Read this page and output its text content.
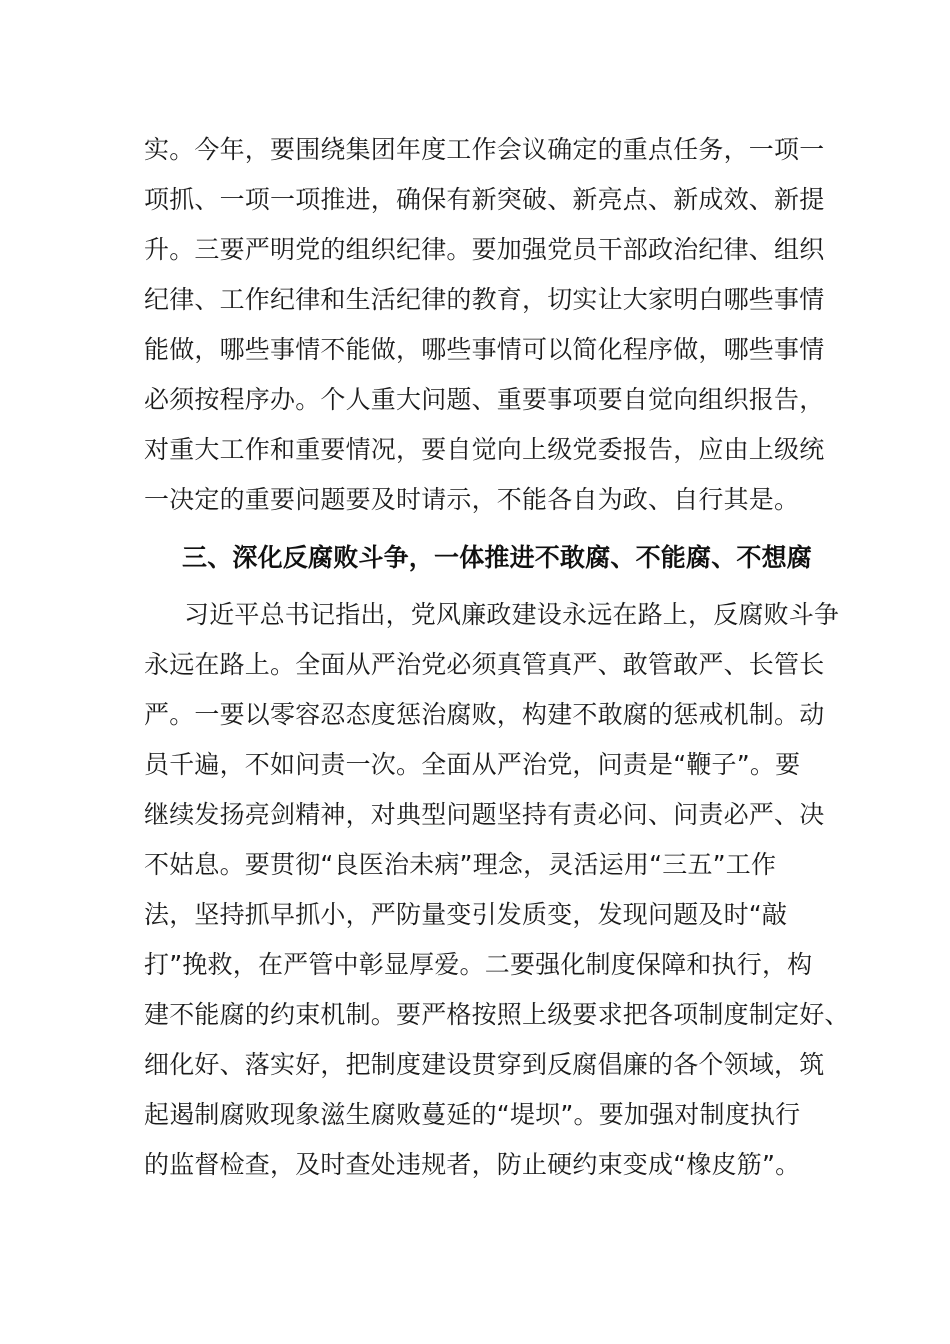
实。今年，要围绕集团年度工作会议确定的重点任务，一项一
项抓、一项一项推进，确保有新突破、新亮点、新成效、新提
升。三要严明党的组织纪律。要加强党员干部政治纪律、组织
纪律、工作纪律和生活纪律的教育，切实让大家明白哪些事情
能做，哪些事情不能做，哪些事情可以简化程序做，哪些事情
必须按程序办。个人重大问题、重要事项要自觉向组织报告，
对重大工作和重要情况，要自觉向上级党委报告，应由上级统
一决定的重要问题要及时请示，不能各自为政、自行其是。
三、深化反腐败斗争，一体推进不敢腐、不能腐、不想腐
习近平总书记指出，党风廉政建设永远在路上，反腐败斗争
永远在路上。全面从严治党必须真管真严、敢管敢严、长管长
严。一要以零容忍态度惩治腐败，构建不敢腐的惩戒机制。动
员千遍，不如问责一次。全面从严治党，问责是“鞭子”。要
继续发扬亮剑精神，对典型问题坚持有责必问、问责必严、决
不姑息。要贯彻“良医治未病”理念，灵活运用“三五”工作
法，坚持抓早抓小，严防量变引发质变，发现问题及时“敲
打”挽救，在严管中彰显厚爱。二要强化制度保障和执行，构
建不能腐的约束机制。要严格按照上级要求把各项制度制定好、
细化好、落实好，把制度建设贯穿到反腐倡廉的各个领域，筑
起遏制腐败现象滋生腐败蔓延的“堤坝”。要加强对制度执行
的监督检查，及时查处违规者，防止硬约束变成“橡皮筋”。
